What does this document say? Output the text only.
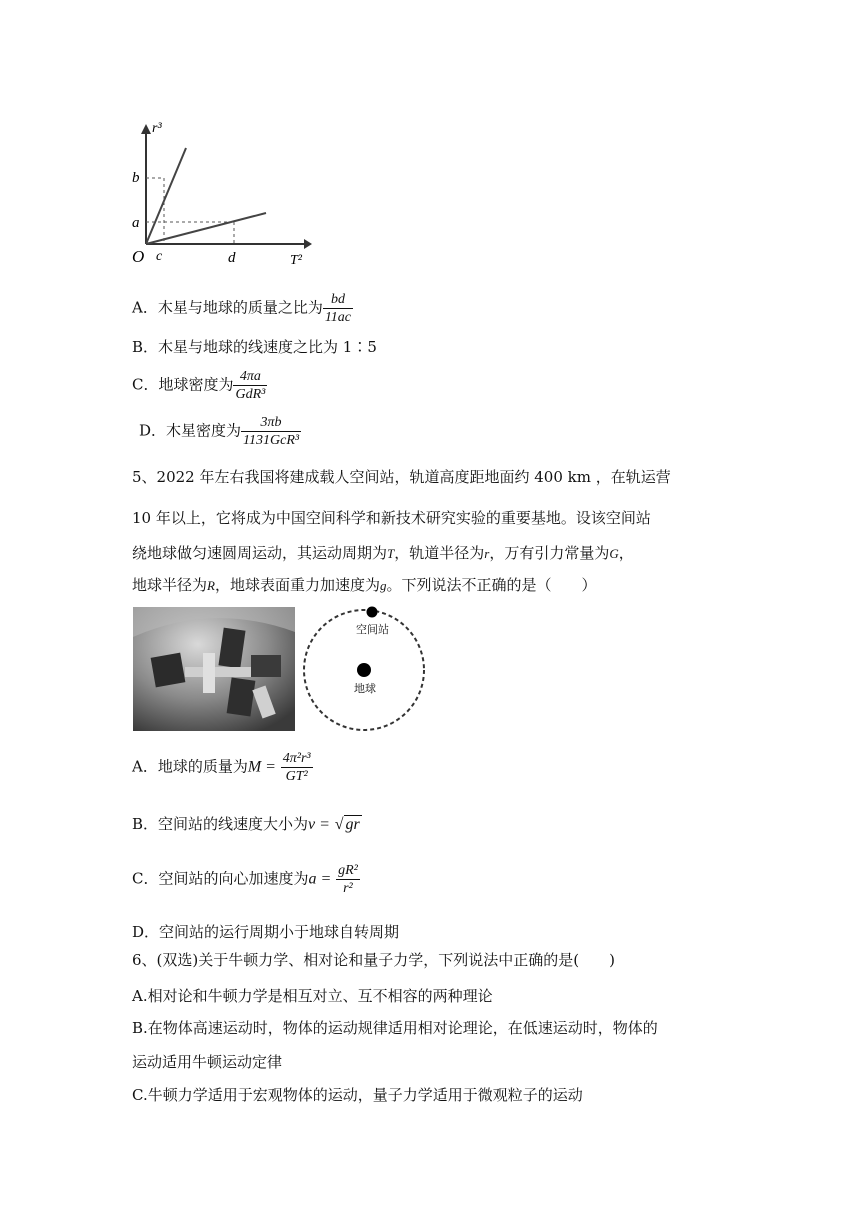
r³
T²
O
b
a
c	d
A．木星与地球的质量之比为 $\frac{bd}{11ac}$
B．木星与地球的线速度之比为 1∶5
C．地球密度为 $\frac{4\pi a}{\text{GdR³}}$
D．木星密度为 $\frac{3\pi b}{\text{1131GcR³}}$
5、2022 年左右我国将建成载人空间站，轨道高度距地面约 400 km ，在轨运营
10 年以上，它将成为中国空间科学和新技术研究实验的重要基地。设该空间站
绕地球做匀速圆周运动，其运动周期为T，轨道半径为r，万有引力常量为G，
地球半径为R，地球表面重力加速度为g。下列说法不正确的是（　　）
空间站
地球
A．地球的质量为$M = \frac{\text{4π²r³}}{\text{GT²}}$
B．空间站的线速度大小为v = √ gr
C．空间站的向心加速度为$a = \frac{\text{gR²}}{\text{r²}}$
D．空间站的运行周期小于地球自转周期
6、(双选)关于牛顿力学、相对论和量子力学，下列说法中正确的是(　　)
A.相对论和牛顿力学是相互对立、互不相容的两种理论
B.在物体高速运动时，物体的运动规律适用相对论理论，在低速运动时，物体的
运动适用牛顿运动定律
C.牛顿力学适用于宏观物体的运动，量子力学适用于微观粒子的运动
